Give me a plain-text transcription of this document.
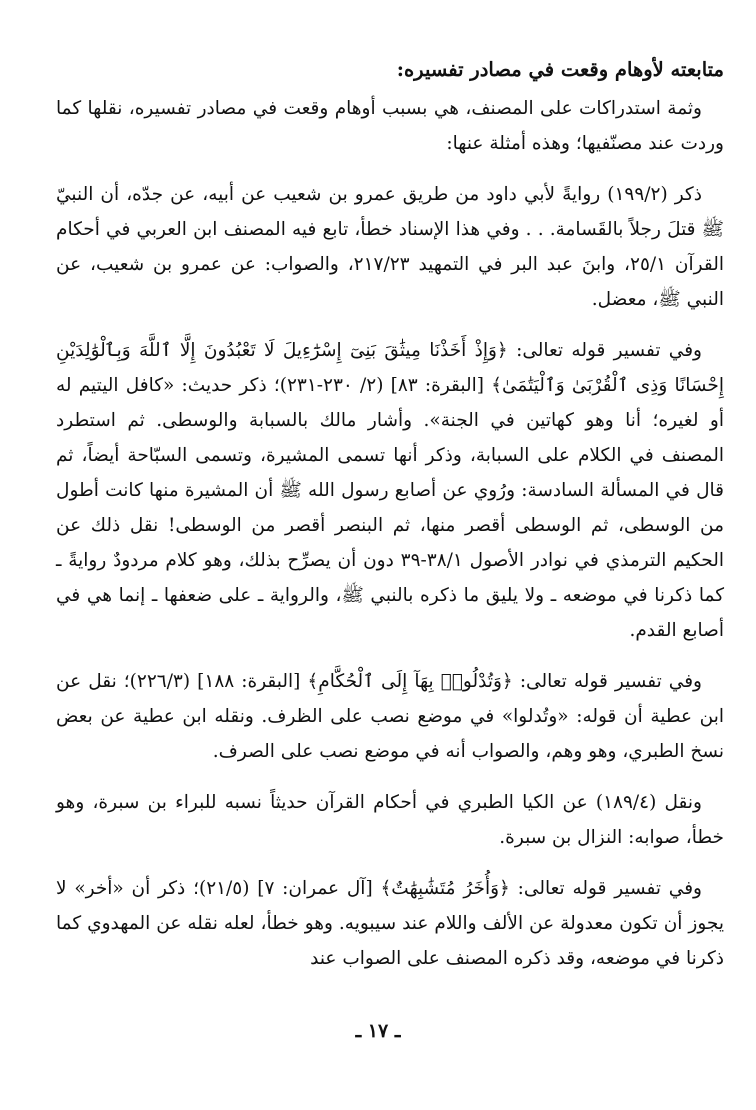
متابعته لأوهام وقعت في مصادر تفسيره:

وثمة استدراكات على المصنف، هي بسبب أوهام وقعت في مصادر تفسيره، نقلها كما وردت عند مصنّفيها؛ وهذه أمثلة عنها:

ذكر (١٩٩/٢) روايةً لأبي داود من طريق عمرو بن شعيب عن أبيه، عن جدّه، أن النبيّ ﷺ قتلَ رجلاً بالقَسامة. . . وفي هذا الإسناد خطأ، تابع فيه المصنف ابن العربي في أحكام القرآن ٢٥/١، وابنَ عبد البر في التمهيد ٢١٧/٢٣، والصواب: عن عمرو بن شعيب، عن النبي ﷺ، معضل.

وفي تفسير قوله تعالى: ﴿وَإِذْ أَخَذْنَا مِيثَٰقَ بَنِىٓ إِسْرَٰٓءِيلَ لَا تَعْبُدُونَ إِلَّا ٱللَّهَ وَبِٱلْوَٰلِدَيْنِ إِحْسَانًا وَذِى ٱلْقُرْبَىٰ وَٱلْيَتَٰمَىٰ﴾ [البقرة: ٨٣] (٢/ ٢٣٠-٢٣١)؛ ذكر حديث: «كافل اليتيم له أو لغيره؛ أنا وهو كهاتين في الجنة». وأشار مالك بالسبابة والوسطى. ثم استطرد المصنف في الكلام على السبابة، وذكر أنها تسمى المشيرة، وتسمى السبّاحة أيضاً، ثم قال في المسألة السادسة: ورُوي عن أصابع رسول الله ﷺ أن المشيرة منها كانت أطول من الوسطى، ثم الوسطى أقصر منها، ثم البنصر أقصر من الوسطى! نقل ذلك عن الحكيم الترمذي في نوادر الأصول ٣٨/١-٣٩ دون أن يصرِّح بذلك، وهو كلام مردودٌ روايةً ـ كما ذكرنا في موضعه ـ ولا يليق ما ذكره بالنبي ﷺ، والرواية ـ على ضعفها ـ إنما هي في أصابع القدم.

وفي تفسير قوله تعالى: ﴿وَتُدْلُوا۟ بِهَآ إِلَى ٱلْحُكَّامِ﴾ [البقرة: ١٨٨] (٢٢٦/٣)؛ نقل عن ابن عطية أن قوله: «وتُدلوا» في موضع نصب على الظرف. ونقله ابن عطية عن بعض نسخ الطبري، وهو وهم، والصواب أنه في موضع نصب على الصرف.

ونقل (١٨٩/٤) عن الكيا الطبري في أحكام القرآن حديثاً نسبه للبراء بن سبرة، وهو خطأ، صوابه: النزال بن سبرة.

وفي تفسير قوله تعالى: ﴿وَأُخَرُ مُتَشَٰبِهَٰتٌ﴾ [آل عمران: ٧] (٢١/٥)؛ ذكر أن «أخر» لا يجوز أن تكون معدولة عن الألف واللام عند سيبويه. وهو خطأ، لعله نقله عن المهدوي كما ذكرنا في موضعه، وقد ذكره المصنف على الصواب عند

ـ ١٧ ـ
